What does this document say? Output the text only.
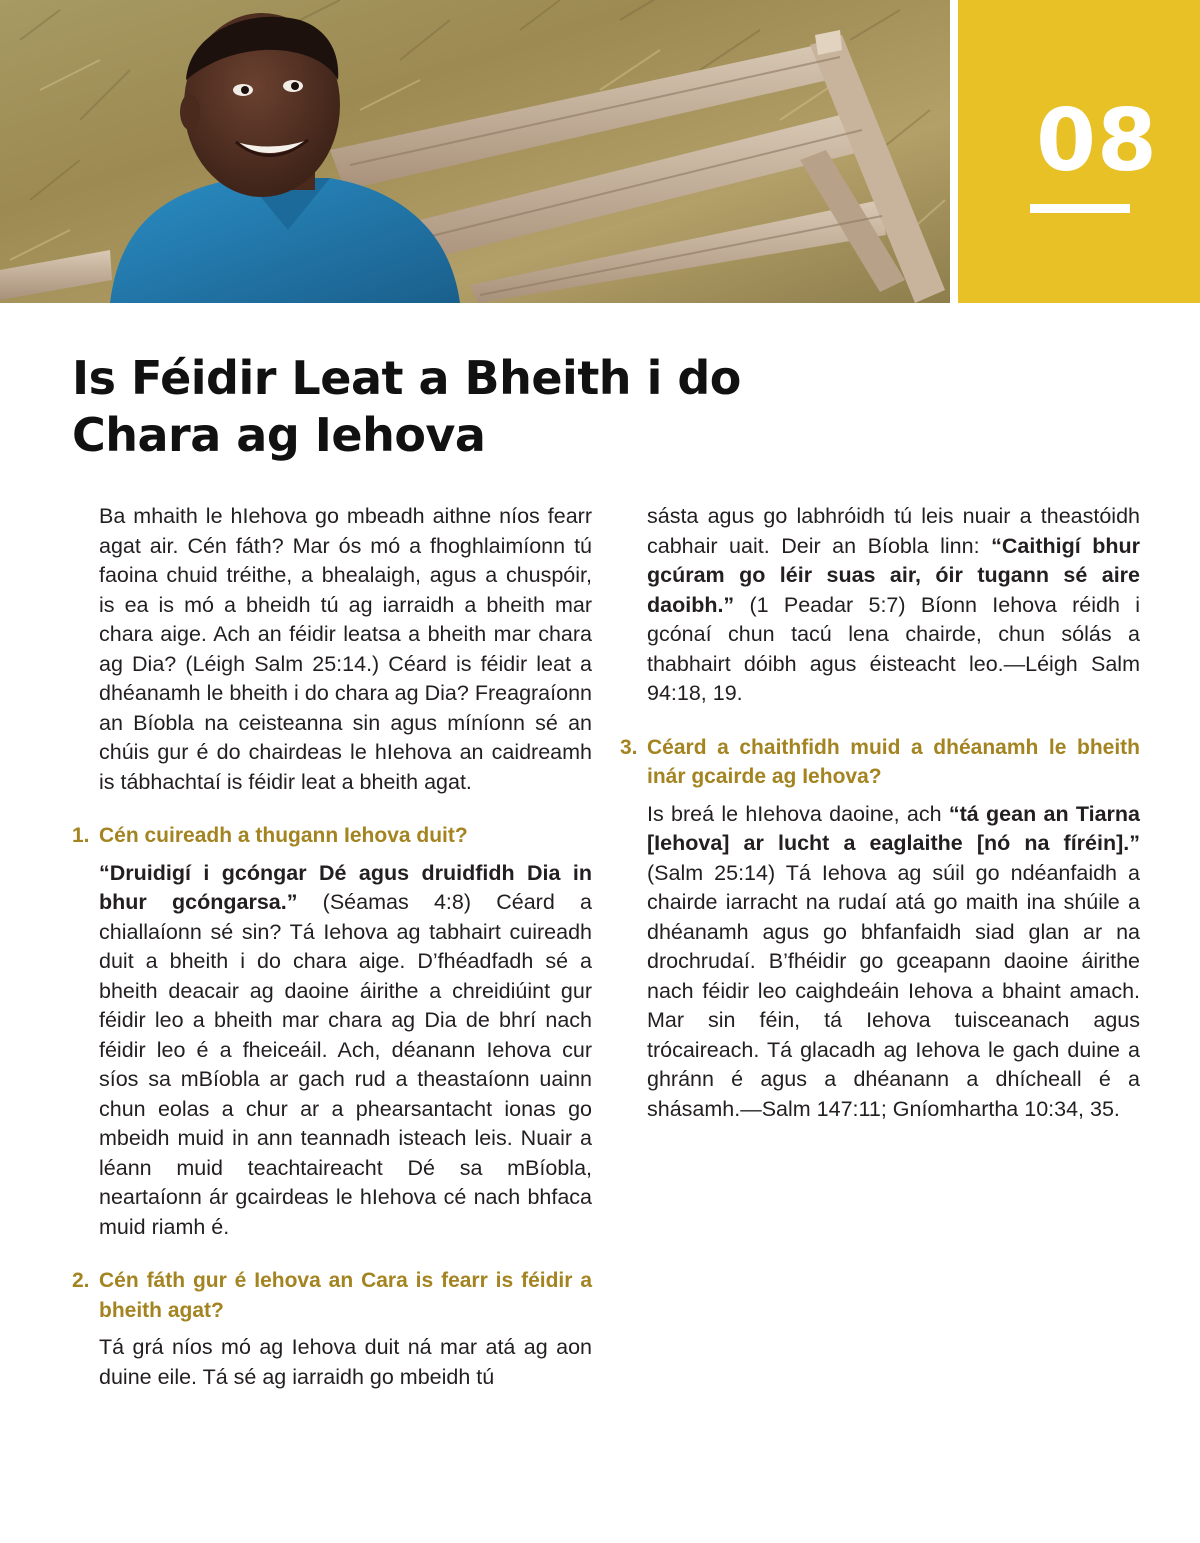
08
Is Féidir Leat a Bheith i do
Chara ag Iehova

Ba mhaith le hIehova go mbeadh aithne níos fearr agat air. Cén fáth? Mar ós mó a fhoghlaimíonn tú faoina chuid tréithe, a bhealaigh, agus a chuspóir, is ea is mó a bheidh tú ag iarraidh a bheith mar chara aige. Ach an féidir leatsa a bheith mar chara ag Dia? (Léigh Salm 25:14.) Céard is féidir leat a dhéanamh le bheith i do chara ag Dia? Freagraíonn an Bíobla na ceisteanna sin agus míníonn sé an chúis gur é do chairdeas le hIehova an caidreamh is tábhachtaí is féidir leat a bheith agat.

1. Cén cuireadh a thugann Iehova duit?

“Druidigí i gcóngar Dé agus druidfidh Dia in bhur gcóngarsa.” (Séamas 4:8) Céard a chiallaíonn sé sin? Tá Iehova ag tabhairt cuireadh duit a bheith i do chara aige. D’fhéadfadh sé a bheith deacair ag daoine áirithe a chreidiúint gur féidir leo a bheith mar chara ag Dia de bhrí nach féidir leo é a fheiceáil. Ach, déanann Iehova cur síos sa mBíobla ar gach rud a theastaíonn uainn chun eolas a chur ar a phearsantacht ionas go mbeidh muid in ann teannadh isteach leis. Nuair a léann muid teachtaireacht Dé sa mBíobla, neartaíonn ár gcairdeas le hIehova cé nach bhfaca muid riamh é.

2. Cén fáth gur é Iehova an Cara is fearr is féidir a bheith agat?

Tá grá níos mó ag Iehova duit ná mar atá ag aon duine eile. Tá sé ag iarraidh go mbeidh tú

sásta agus go labhróidh tú leis nuair a theastóidh cabhair uait. Deir an Bíobla linn: “Caithigí bhur gcúram go léir suas air, óir tugann sé aire daoibh.” (1 Peadar 5:7) Bíonn Iehova réidh i gcónaí chun tacú lena chairde, chun sólás a thabhairt dóibh agus éisteacht leo.—Léigh Salm 94:18, 19.

3. Céard a chaithfidh muid a dhéanamh le bheith inár gcairde ag Iehova?

Is breá le hIehova daoine, ach “tá gean an Tiarna [Iehova] ar lucht a eaglaithe [nó na fíréin].” (Salm 25:14) Tá Iehova ag súil go ndéanfaidh a chairde iarracht na rudaí atá go maith ina shúile a dhéanamh agus go bhfanfaidh siad glan ar na drochrudaí. B’fhéidir go gceapann daoine áirithe nach féidir leo caighdeáin Iehova a bhaint amach. Mar sin féin, tá Iehova tuisceanach agus trócaireach. Tá glacadh ag Iehova le gach duine a ghránn é agus a dhéanann a dhícheall é a shásamh.—Salm 147:11; Gníomhartha 10:34, 35.
